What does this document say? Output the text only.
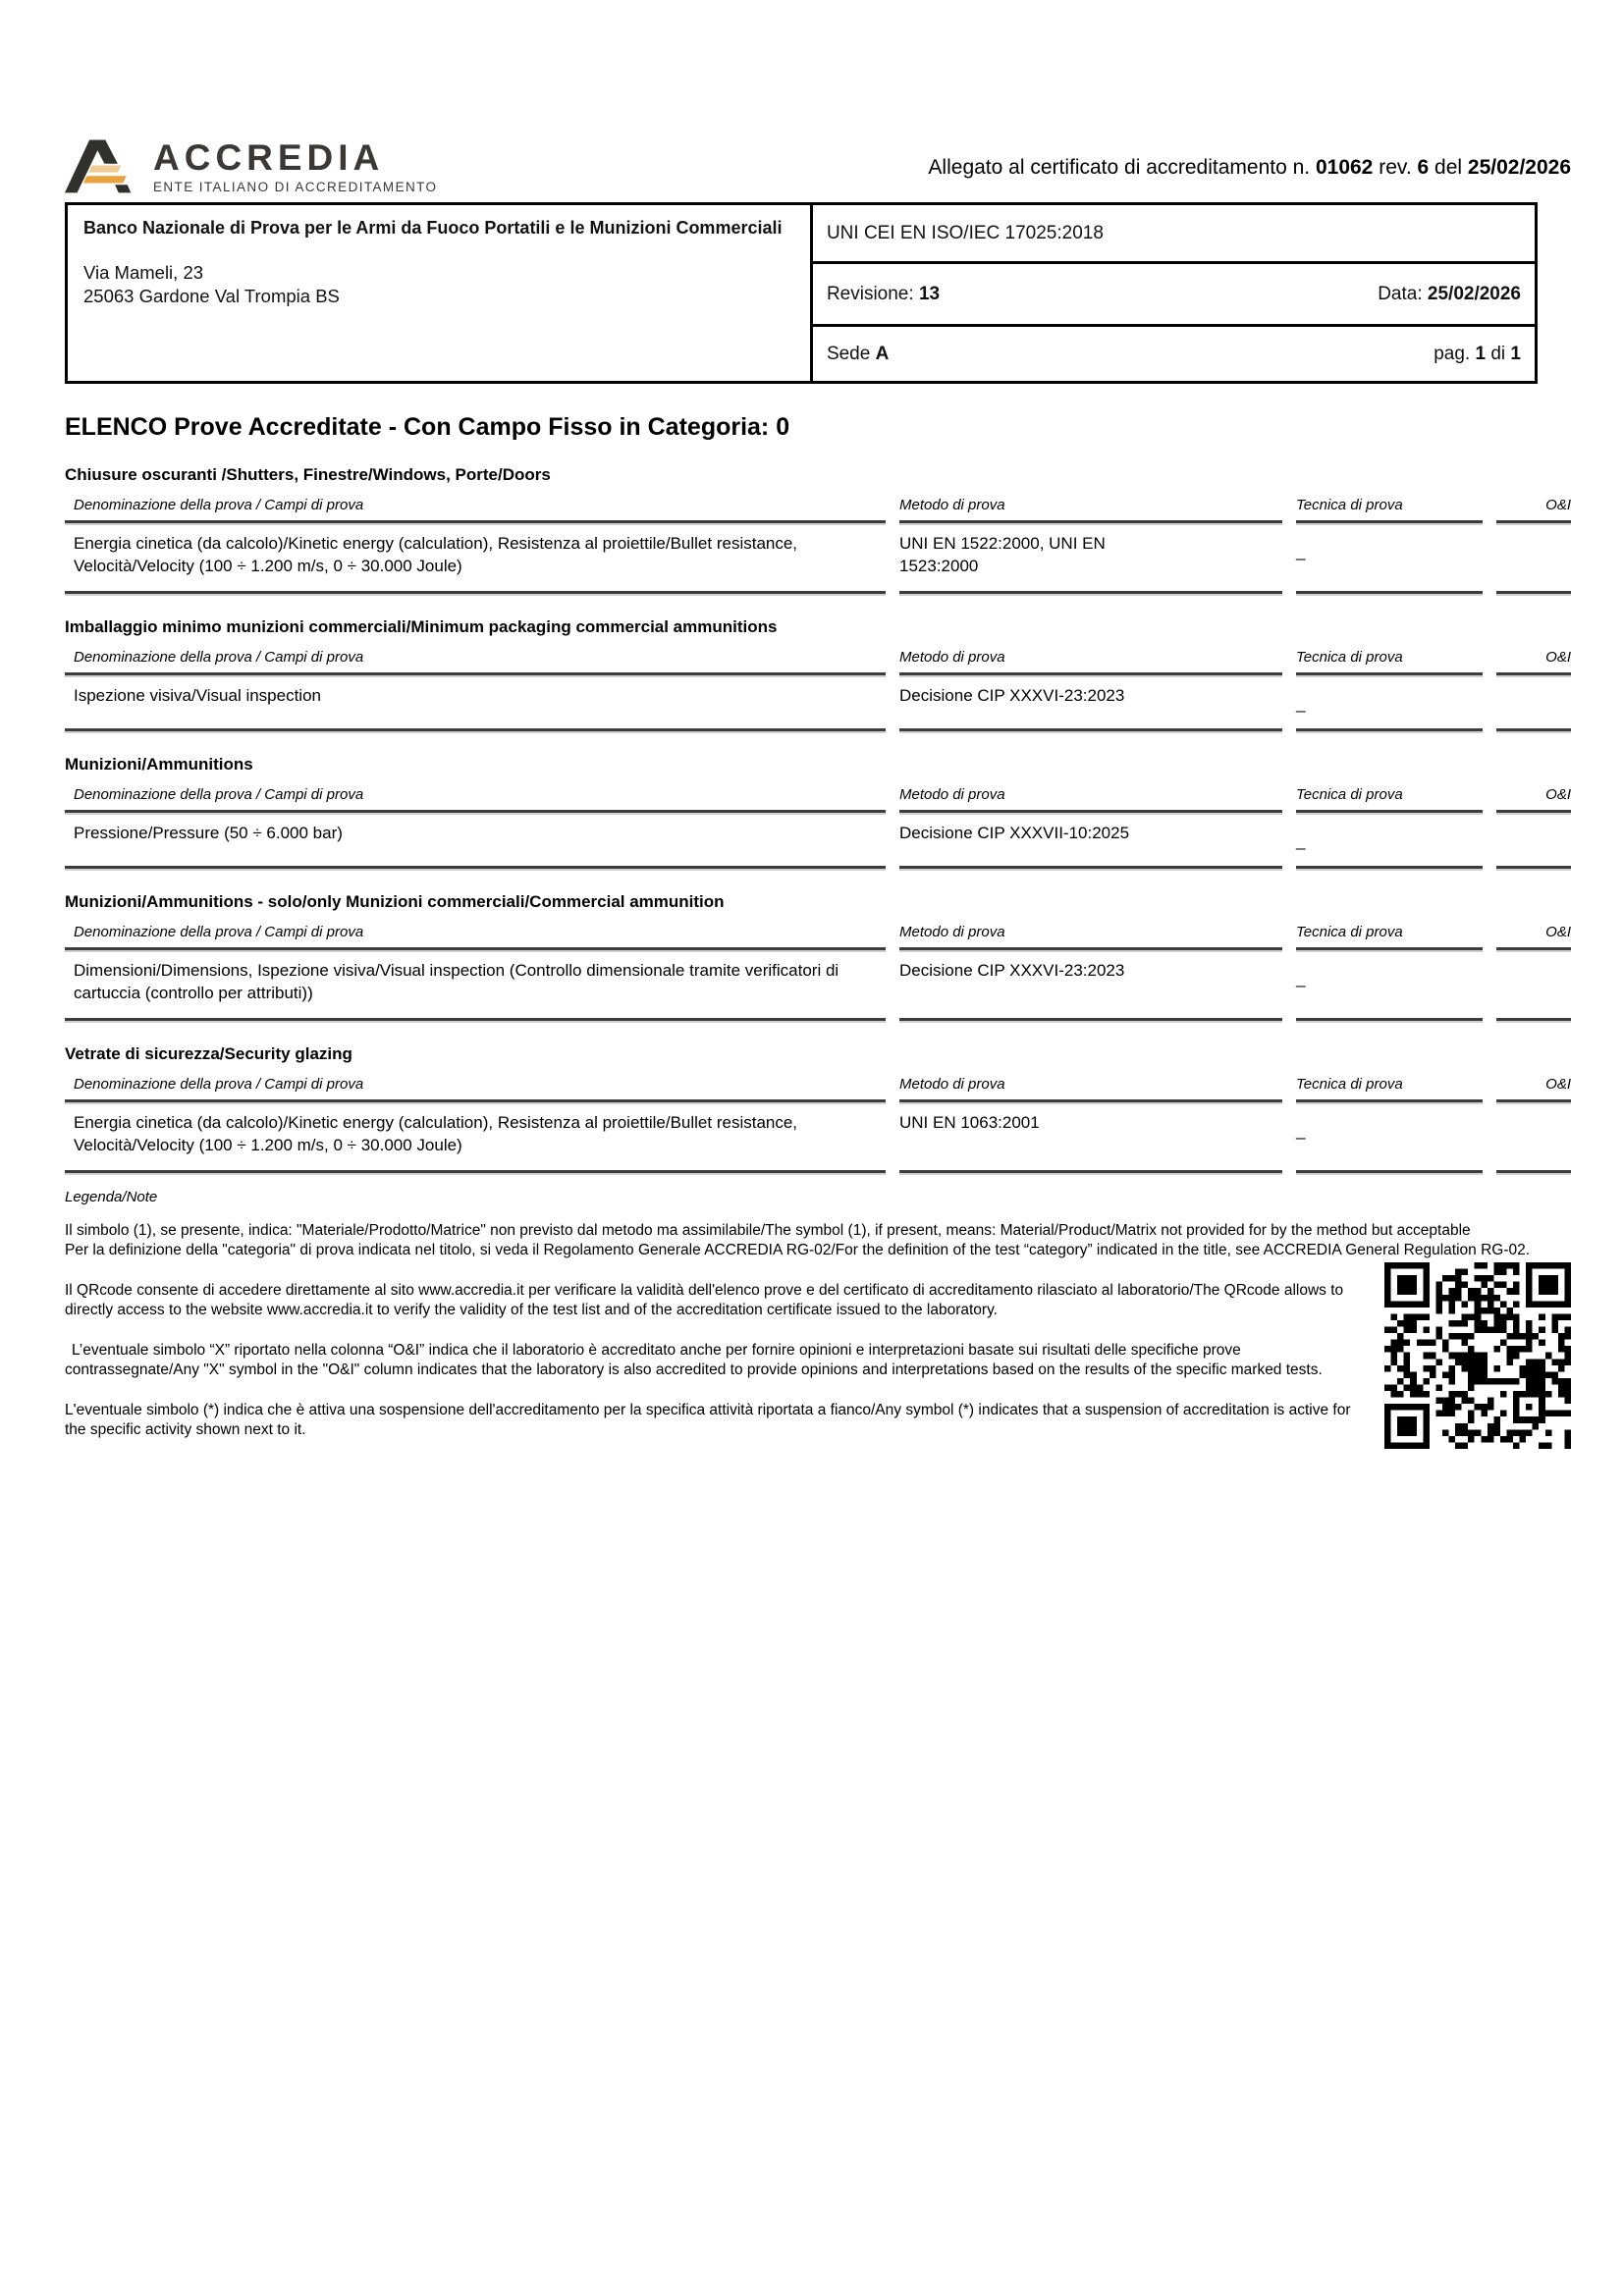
ACCREDIA
ENTE ITALIANO DI ACCREDITAMENTO
Allegato al certificato di accreditamento n. 01062 rev. 6 del 25/02/2026
Banco Nazionale di Prova per le Armi da Fuoco Portatili e le Munizioni Commerciali
Via Mameli, 23
25063 Gardone Val Trompia BS
UNI CEI EN ISO/IEC 17025:2018
Revisione: 13	Data: 25/02/2026
Sede A	pag. 1 di 1
ELENCO Prove Accreditate - Con Campo Fisso in Categoria: 0
Chiusure oscuranti /Shutters, Finestre/Windows, Porte/Doors
Denominazione della prova / Campi di prova	Metodo di prova	Tecnica di prova	O&I

Energia cinetica (da calcolo)/Kinetic energy (calculation), Resistenza al proiettile/Bullet resistance, Velocità/Velocity (100 ÷ 1.200 m/s, 0 ÷ 30.000 Joule)	UNI EN 1522:2000, UNI EN 1523:2000	_	
Imballaggio minimo munizioni commerciali/Minimum packaging commercial ammunitions
Denominazione della prova / Campi di prova	Metodo di prova	Tecnica di prova	O&I

Ispezione visiva/Visual inspection	Decisione CIP XXXVI-23:2023	_	
Munizioni/Ammunitions
Denominazione della prova / Campi di prova	Metodo di prova	Tecnica di prova	O&I

Pressione/Pressure (50 ÷ 6.000 bar)	Decisione CIP XXXVII-10:2025	_	
Munizioni/Ammunitions - solo/only Munizioni commerciali/Commercial ammunition
Denominazione della prova / Campi di prova	Metodo di prova	Tecnica di prova	O&I

Dimensioni/Dimensions, Ispezione visiva/Visual inspection (Controllo dimensionale tramite verificatori di cartuccia (controllo per attributi))	Decisione CIP XXXVI-23:2023	_	
Vetrate di sicurezza/Security glazing
Denominazione della prova / Campi di prova	Metodo di prova	Tecnica di prova	O&I

Energia cinetica (da calcolo)/Kinetic energy (calculation), Resistenza al proiettile/Bullet resistance, Velocità/Velocity (100 ÷ 1.200 m/s, 0 ÷ 30.000 Joule)	UNI EN 1063:2001	_	
Legenda/Note

Il simbolo (1), se presente, indica: "Materiale/Prodotto/Matrice" non previsto dal metodo ma assimilabile/The symbol (1), if present, means: Material/Product/Matrix not provided for by the method but acceptable

Per la definizione della "categoria" di prova indicata nel titolo, si veda il Regolamento Generale ACCREDIA RG-02/For the definition of the test “category” indicated in the title, see ACCREDIA General Regulation RG-02.

Il QRcode consente di accedere direttamente al sito www.accredia.it per verificare la validità dell'elenco prove e del certificato di accreditamento rilasciato al laboratorio/The QRcode allows to directly access to the website www.accredia.it to verify the validity of the test list and of the accreditation certificate issued to the laboratory.

L’eventuale simbolo “X” riportato nella colonna “O&I” indica che il laboratorio è accreditato anche per fornire opinioni e interpretazioni basate sui risultati delle specifiche prove contrassegnate/Any "X" symbol in the "O&I" column indicates that the laboratory is also accredited to provide opinions and interpretations based on the results of the specific marked tests.

L'eventuale simbolo (*) indica che è attiva una sospensione dell'accreditamento per la specifica attività riportata a fianco/Any symbol (*) indicates that a suspension of accreditation is active for the specific activity shown next to it.
